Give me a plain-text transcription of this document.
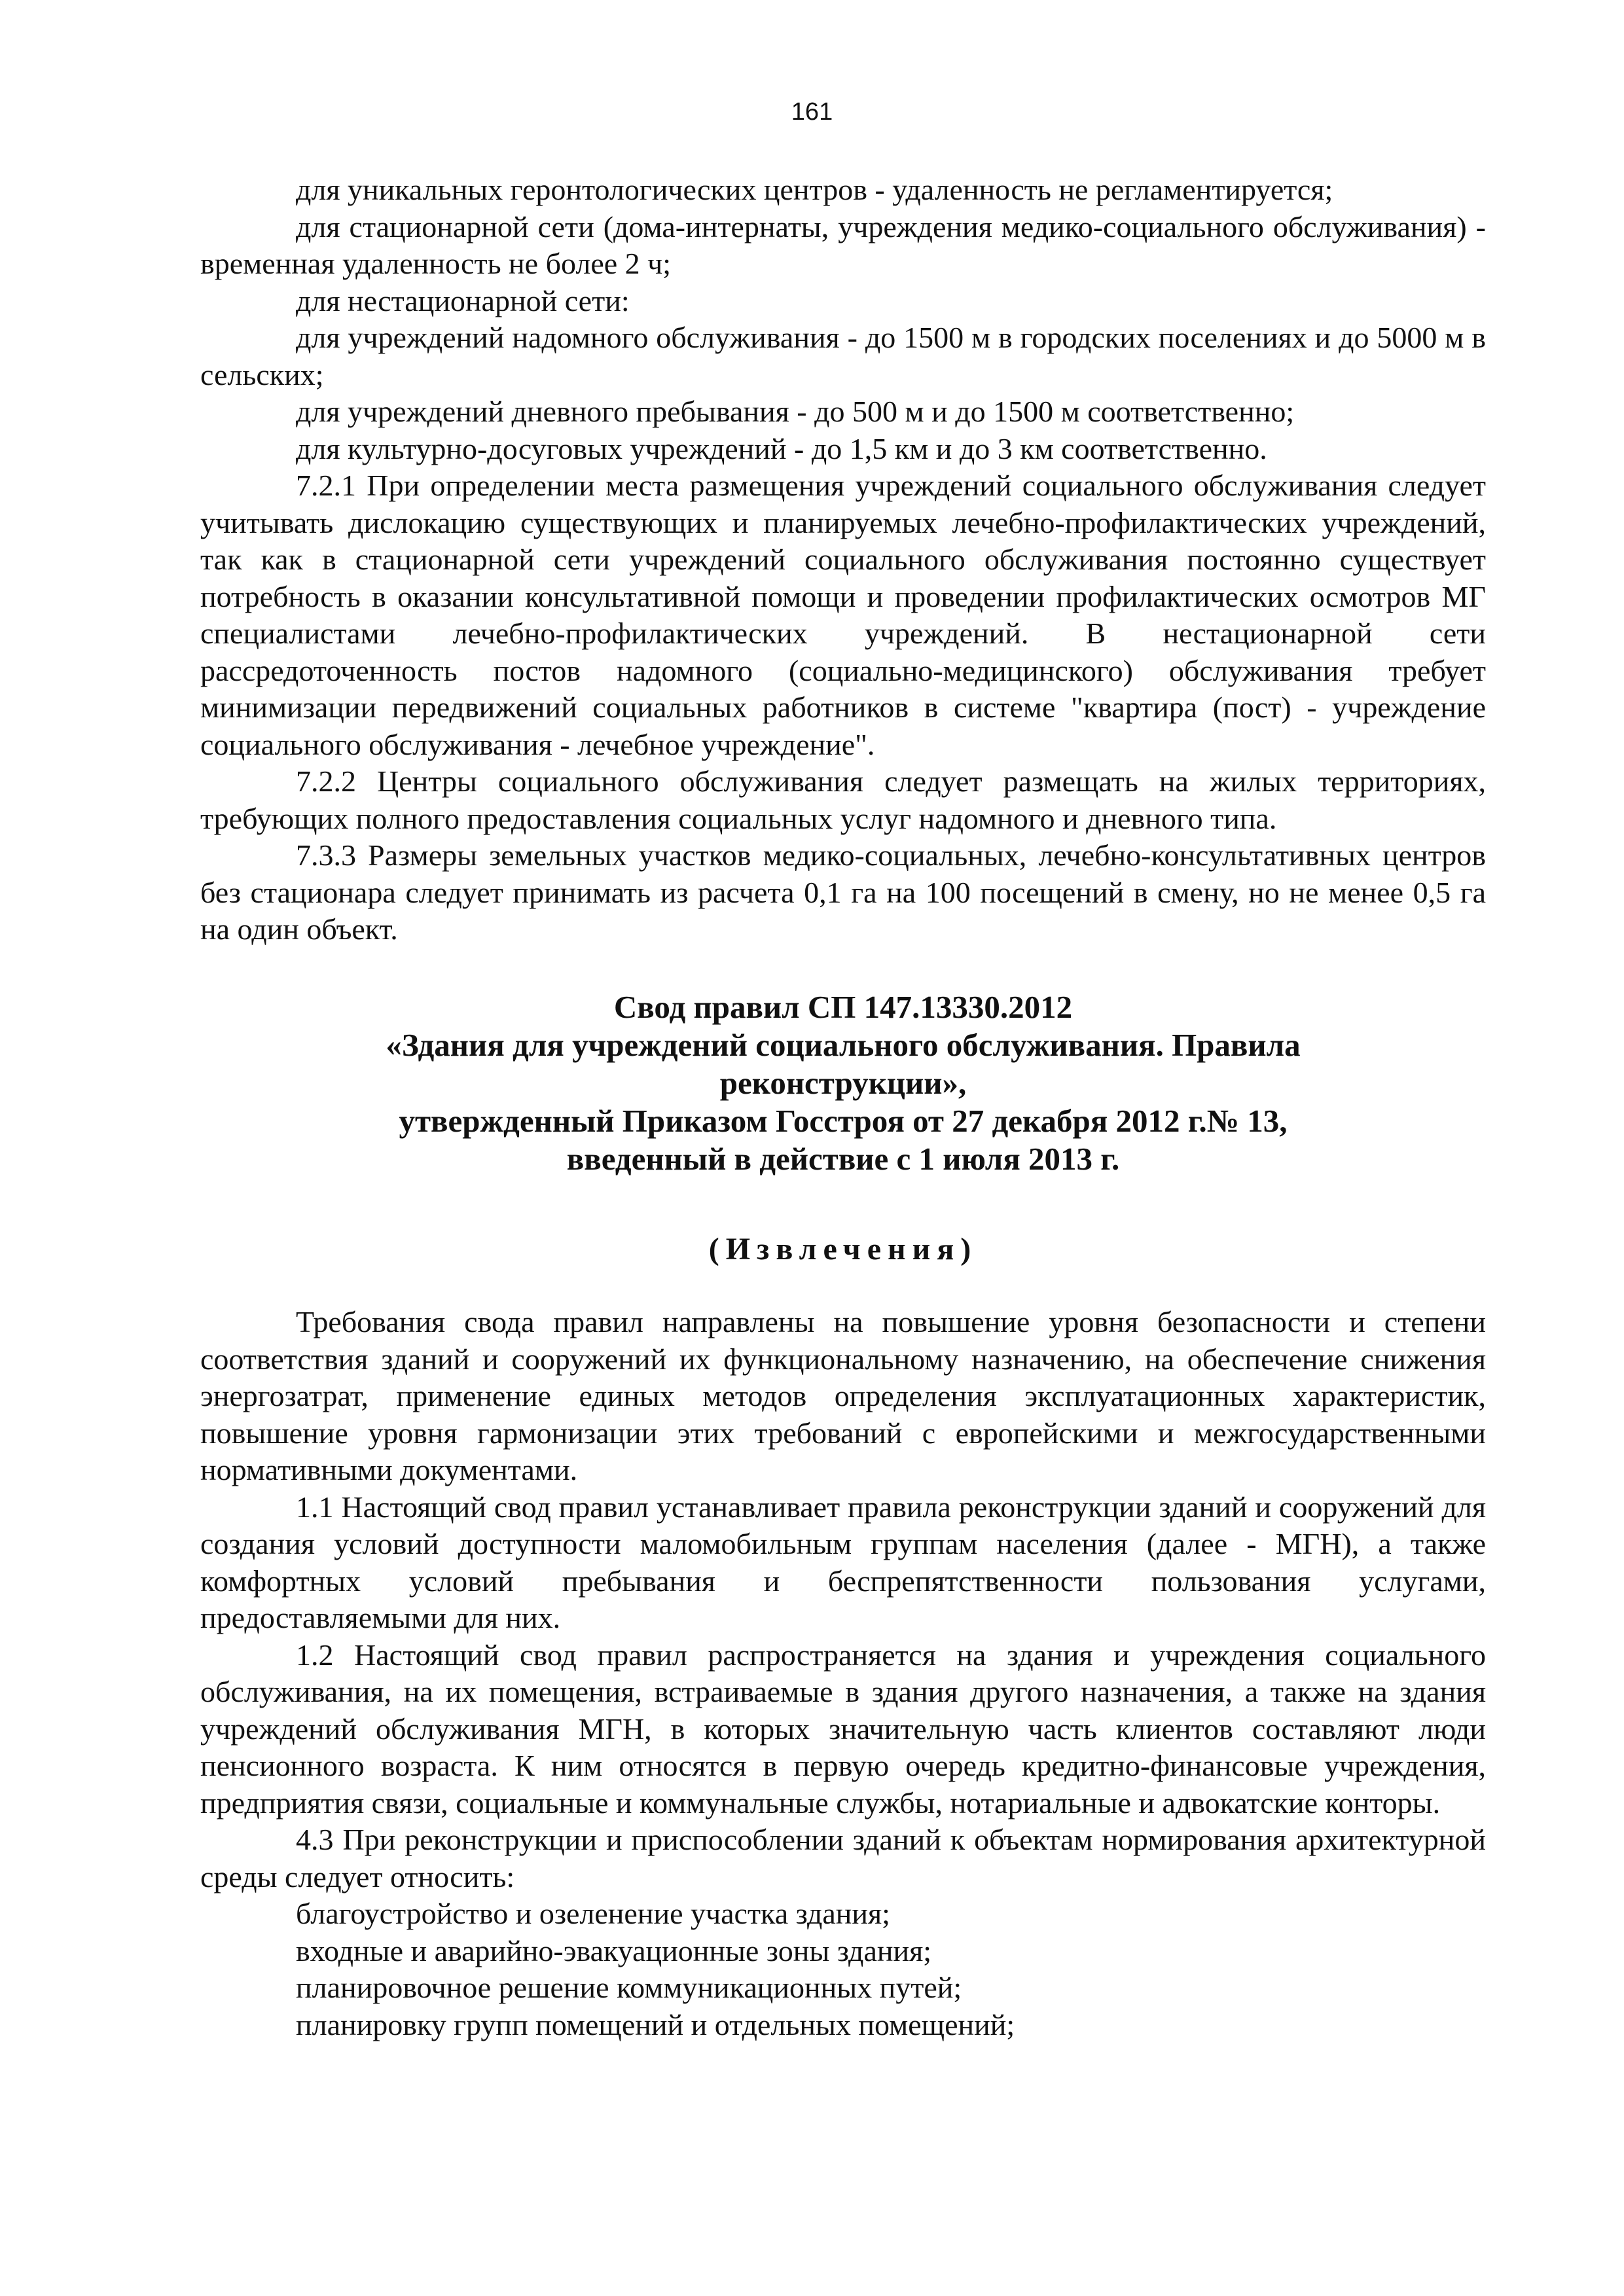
161

для уникальных геронтологических центров - удаленность не регламентируется;

для стационарной сети (дома-интернаты, учреждения медико-социального обслуживания) - временная удаленность не более 2 ч;

для нестационарной сети:

для учреждений надомного обслуживания - до 1500 м в городских поселениях и до 5000 м в сельских;

для учреждений дневного пребывания - до 500 м и до 1500 м соответственно;

для культурно-досуговых учреждений - до 1,5 км и до 3 км соответственно.

7.2.1 При определении места размещения учреждений социального обслуживания следует учитывать дислокацию существующих и планируемых лечебно-профилактических учреждений, так как в стационарной сети учреждений социального обслуживания постоянно существует потребность в оказании консультативной помощи и проведении профилактических осмотров МГ специалистами лечебно-профилактических учреждений. В нестационарной сети рассредоточенность постов надомного (социально-медицинского) обслуживания требует минимизации передвижений социальных работников в системе "квартира (пост) - учреждение социального обслуживания - лечебное учреждение".

7.2.2 Центры социального обслуживания следует размещать на жилых территориях, требующих полного предоставления социальных услуг надомного и дневного типа.

7.3.3 Размеры земельных участков медико-социальных, лечебно-консультативных центров без стационара следует принимать из расчета 0,1 га на 100 посещений в смену, но не менее 0,5 га на один объект.

Свод правил СП 147.13330.2012
«Здания для учреждений социального обслуживания. Правила
реконструкции»,
утвержденный Приказом Госстроя от 27 декабря 2012 г.№ 13,
введенный в действие с 1 июля 2013 г.
(Извлечения)

Требования свода правил направлены на повышение уровня безопасности и степени соответствия зданий и сооружений их функциональному назначению, на обеспечение снижения энергозатрат, применение единых методов определения эксплуатационных характеристик, повышение уровня гармонизации этих требований с европейскими и межгосударственными нормативными документами.

1.1 Настоящий свод правил устанавливает правила реконструкции зданий и сооружений для создания условий доступности маломобильным группам населения (далее - МГН), а также комфортных условий пребывания и беспрепятственности пользования услугами, предоставляемыми для них.

1.2 Настоящий свод правил распространяется на здания и учреждения социального обслуживания, на их помещения, встраиваемые в здания другого назначения, а также на здания учреждений обслуживания МГН, в которых значительную часть клиентов составляют люди пенсионного возраста. К ним относятся в первую очередь кредитно-финансовые учреждения, предприятия связи, социальные и коммунальные службы, нотариальные и адвокатские конторы.

4.3 При реконструкции и приспособлении зданий к объектам нормирования архитектурной среды следует относить:

благоустройство и озеленение участка здания;

входные и аварийно-эвакуационные зоны здания;

планировочное решение коммуникационных путей;

планировку групп помещений и отдельных помещений;
